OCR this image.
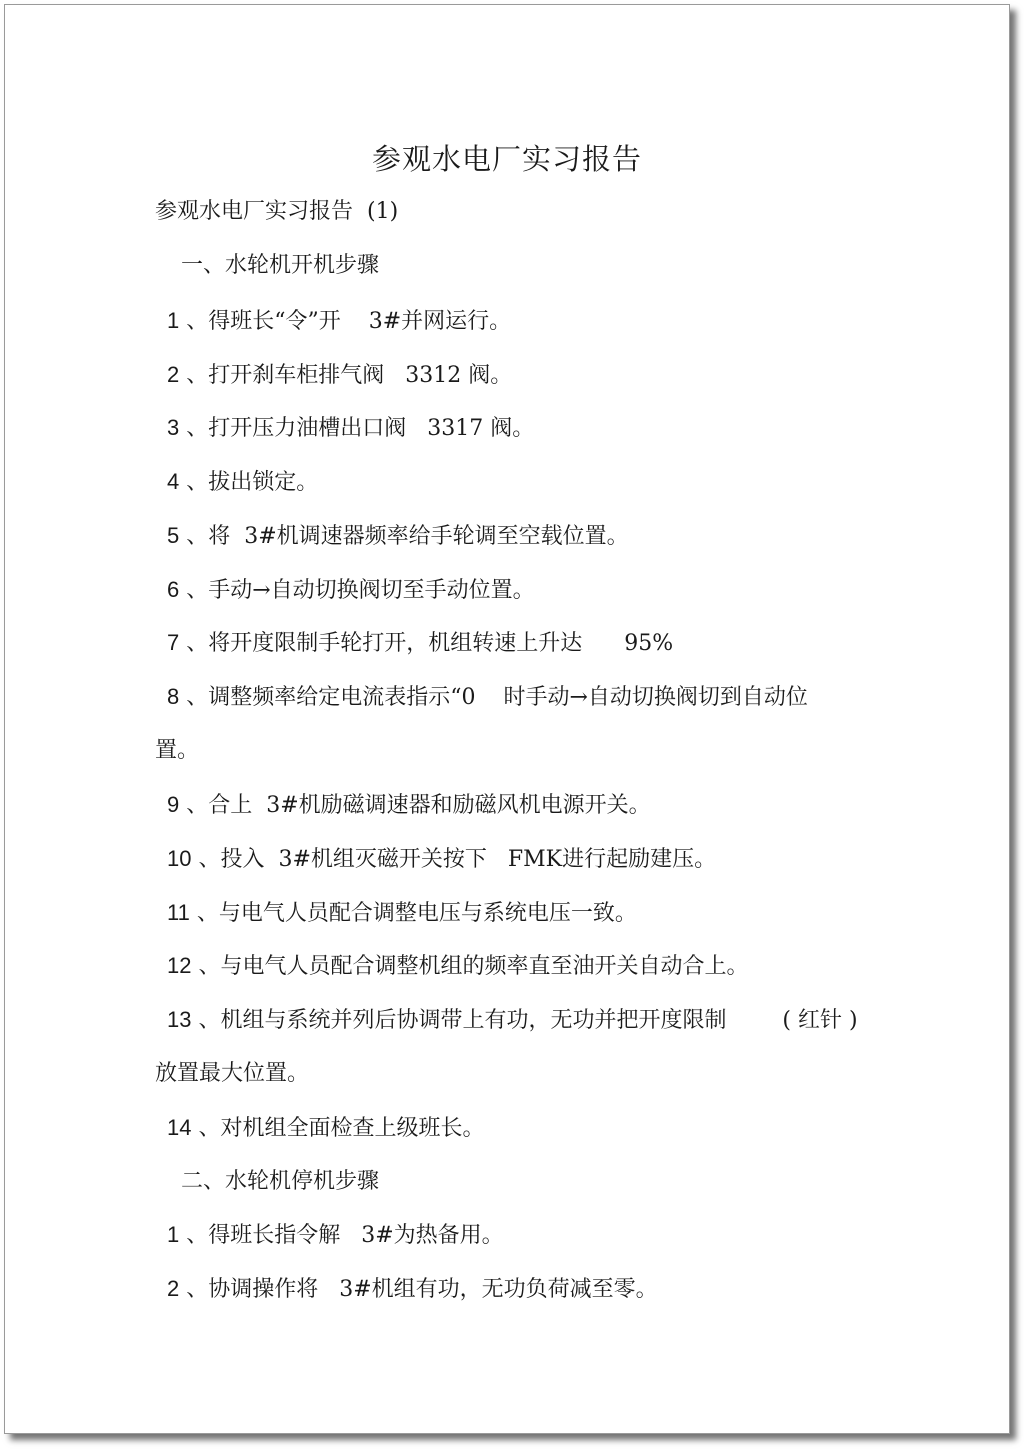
参观水电厂实习报告
参观水电厂实习报告  (1)
一、水轮机开机步骤
1 、得班长“令”开    3#并网运行。
2 、打开刹车柜排气阀   3312 阀。
3 、打开压力油槽出口阀   3317 阀。
4 、拔出锁定。
5 、将  3#机调速器频率给手轮调至空载位置。
6 、手动→自动切换阀切至手动位置。
7 、将开度限制手轮打开，机组转速上升达      95%
8 、调整频率给定电流表指示“0    时手动→自动切换阀切到自动位
置。
9 、合上  3#机励磁调速器和励磁风机电源开关。
10 、投入  3#机组灭磁开关按下   FMK进行起励建压。
11 、与电气人员配合调整电压与系统电压一致。
12 、与电气人员配合调整机组的频率直至油开关自动合上。
13 、机组与系统并列后协调带上有功，无功并把开度限制        ( 红针 )
放置最大位置。
14 、对机组全面检查上级班长。
二、水轮机停机步骤
1 、得班长指令解   3#为热备用。
2 、协调操作将   3#机组有功，无功负荷减至零。
